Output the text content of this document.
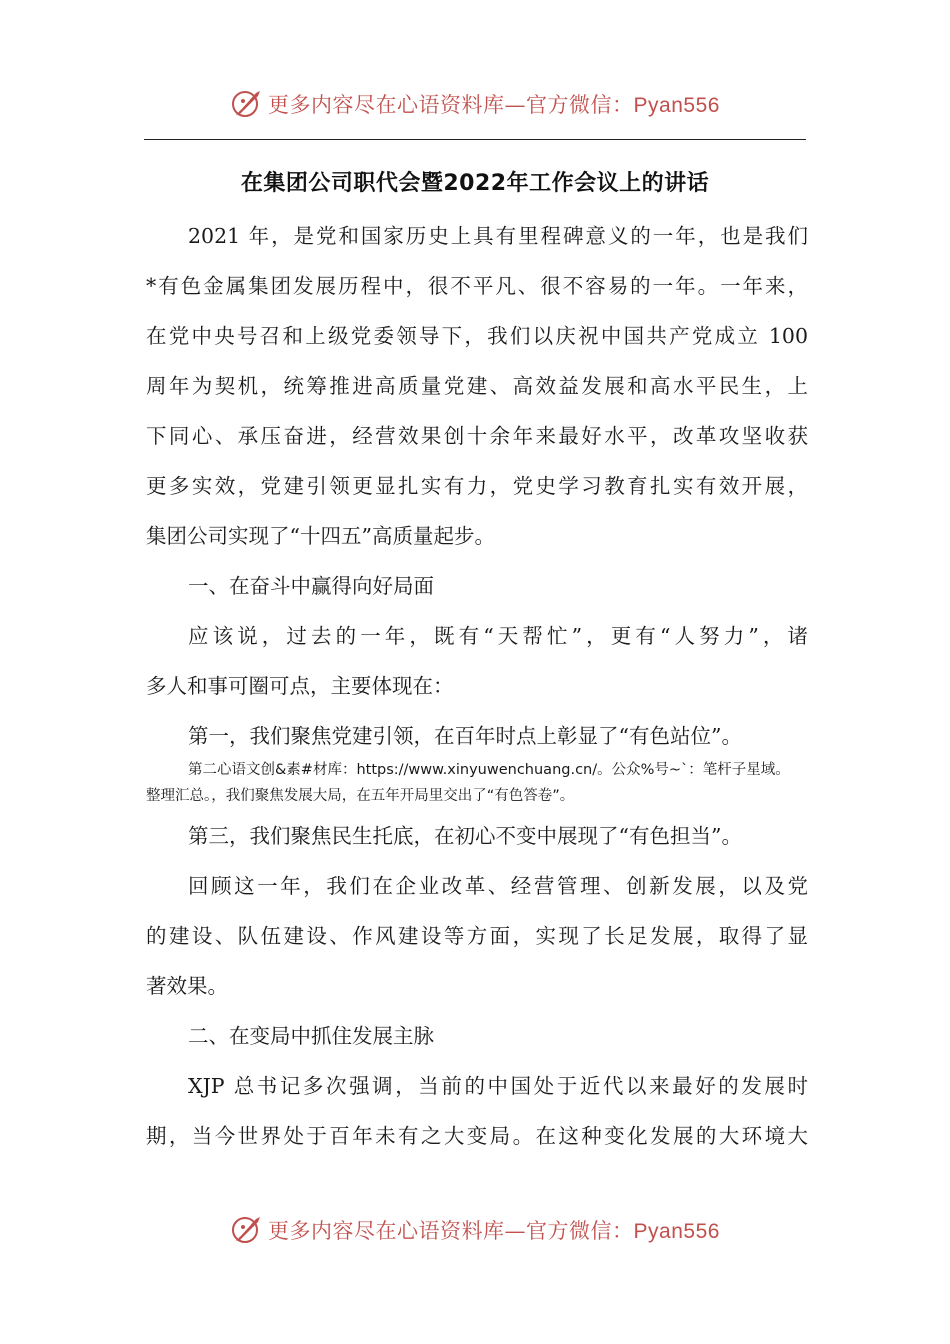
更多内容尽在心语资料库—官方微信：Pyan556
在集团公司职代会暨2022年工作会议上的讲话
2021 年，是党和国家历史上具有里程碑意义的一年，也是我们
*有色金属集团发展历程中，很不平凡、很不容易的一年。一年来，
在党中央号召和上级党委领导下，我们以庆祝中国共产党成立 100
周年为契机，统筹推进高质量党建、高效益发展和高水平民生，上
下同心、承压奋进，经营效果创十余年来最好水平，改革攻坚收获
更多实效，党建引领更显扎实有力，党史学习教育扎实有效开展，
集团公司实现了“十四五”高质量起步。
一、在奋斗中赢得向好局面
应该说，过去的一年，既有“天帮忙”，更有“人努力”，诸
多人和事可圈可点，主要体现在：
第一，我们聚焦党建引领，在百年时点上彰显了“有色站位”。
第二心语文创&素#材库：https://www.xinyuwenchuang.cn/。公众%号~`：笔杆子星域。
整理汇总。，我们聚焦发展大局，在五年开局里交出了“有色答卷”。
第三，我们聚焦民生托底，在初心不变中展现了“有色担当”。
回顾这一年，我们在企业改革、经营管理、创新发展，以及党
的建设、队伍建设、作风建设等方面，实现了长足发展，取得了显
著效果。
二、在变局中抓住发展主脉
XJP 总书记多次强调，当前的中国处于近代以来最好的发展时
期，当今世界处于百年未有之大变局。在这种变化发展的大环境大
更多内容尽在心语资料库—官方微信：Pyan556
